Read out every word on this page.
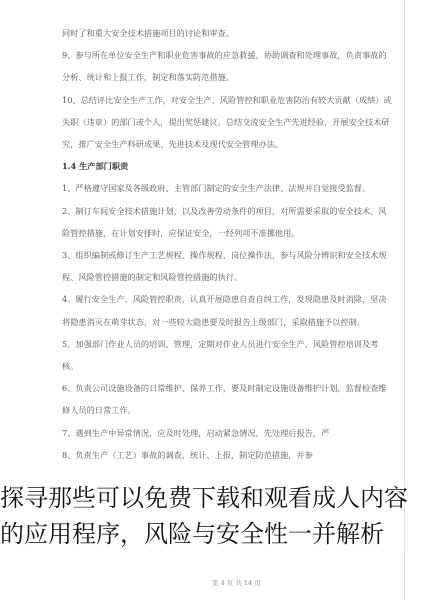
同时了和重大安全技术措施项目的讨论和审查。

9、参与所在单位安全生产和职业危害事故的应急救援，协助调查和处理事故，负责事故的分析、统计和上报工作，制定和落实防范措施。

10、总结评比安全生产工作，对安全生产、风险管控和职业危害防治有较大贡献（成绩）或失职（违章）的部门或个人，提出奖惩建议。总结交流安全生产先进经验，开展安全技术研究，推广安全生产科研成果、先进技术及现代安全管理办法。

1.4 生产部门职责

1、严格遵守国家及各级政府、主管部门制定的安全生产法律、法规并自觉接受监督。

2、制订车间安全技术措施计划，以及改善劳动条件的项目，对所需要采取的安全技术、风险管控措施，在计划安排时，应保证安全，一经列项不准挪他用。

3、组织编制或修订生产工艺规程、操作规程、岗位操作法，参与风险分辨识和安全技术规程、风险管控措施的制定和风险管控措施的执行。

4、履行安全生产、风险管控职责，认真开展隐患自查自纠工作，发现隐患及时消除，坚决将隐患消灭在萌芽状态，对一些较大隐患要及时报告上级部门，采取措施予以控制。

5、加强部门作业人员的培训、管理，定期对作业人员进行安全生产、风险管控培训及考核。

6、负责公司设施设备的日常维护、保养工作，要及时制定设施设备维护计划，监督检查维修人员的日常工作。

7、遇到生产中异常情况，应及时处理，启动紧急情况，先处理后报告，严

8、负责生产（工艺）事故的调查、统计、上报，制定防范措施，并参

第 4 页 共 14 页
探寻那些可以免费下载和观看成人内容的应用程序，风险与安全性一并解析
